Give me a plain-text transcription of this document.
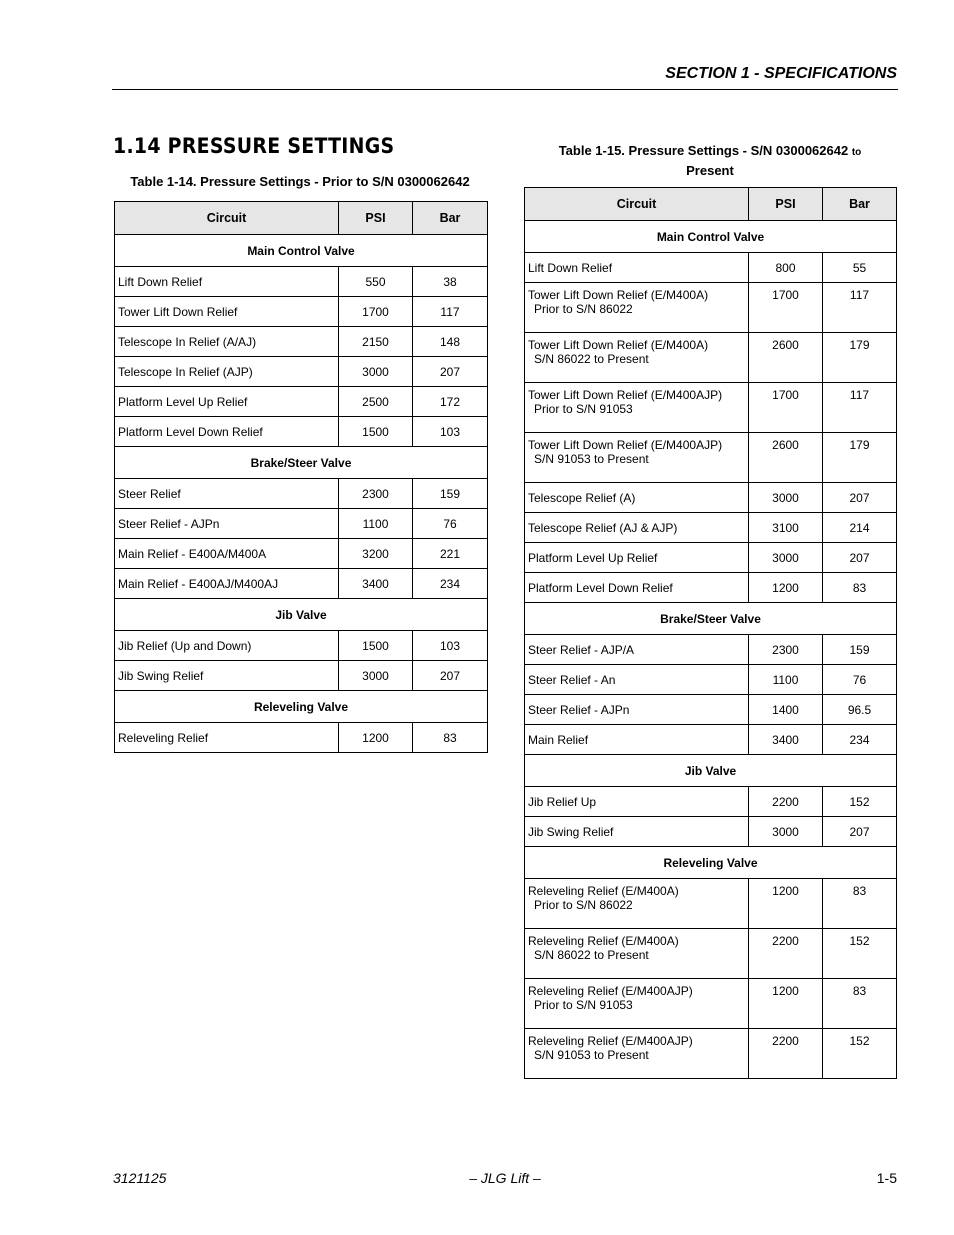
SECTION 1 - SPECIFICATIONS
1.14 PRESSURE SETTINGS
Table 1-14. Pressure Settings - Prior to S/N 0300062642
Circuit	PSI	Bar
Main Control Valve		
Lift Down Relief	550	38
Tower Lift Down Relief	1700	117
Telescope In Relief (A/AJ)	2150	148
Telescope In Relief (AJP)	3000	207
Platform Level Up Relief	2500	172
Platform Level Down Relief	1500	103
Brake/Steer Valve		
Steer Relief	2300	159
Steer Relief - AJPn	1100	76
Main Relief - E400A/M400A	3200	221
Main Relief - E400AJ/M400AJ	3400	234
Jib Valve		
Jib Relief (Up and Down)	1500	103
Jib Swing Relief	3000	207
Releveling Valve		
Releveling Relief	1200	83
Table 1-15. Pressure Settings - S/N 0300062642 to
Present
Circuit	PSI	Bar
Main Control Valve		
Lift Down Relief	800	55
Tower Lift Down Relief (E/M400A)
Prior to S/N 86022	1700	117
Tower Lift Down Relief (E/M400A)
S/N 86022 to Present	2600	179
Tower Lift Down Relief (E/M400AJP)
Prior to S/N 91053	1700	117
Tower Lift Down Relief (E/M400AJP)
S/N 91053 to Present	2600	179
Telescope Relief (A)	3000	207
Telescope Relief (AJ & AJP)	3100	214
Platform Level Up Relief	3000	207
Platform Level Down Relief	1200	83
Brake/Steer Valve		
Steer Relief - AJP/A	2300	159
Steer Relief - An	1100	76
Steer Relief - AJPn	1400	96.5
Main Relief	3400	234
Jib Valve		
Jib Relief Up	2200	152
Jib Swing Relief	3000	207
Releveling Valve		
Releveling Relief (E/M400A)
Prior to S/N 86022	1200	83
Releveling Relief (E/M400A)
S/N 86022 to Present	2200	152
Releveling Relief (E/M400AJP)
Prior to S/N 91053	1200	83
Releveling Relief (E/M400AJP)
S/N 91053 to Present	2200	152
3121125	– JLG Lift –	1-5
